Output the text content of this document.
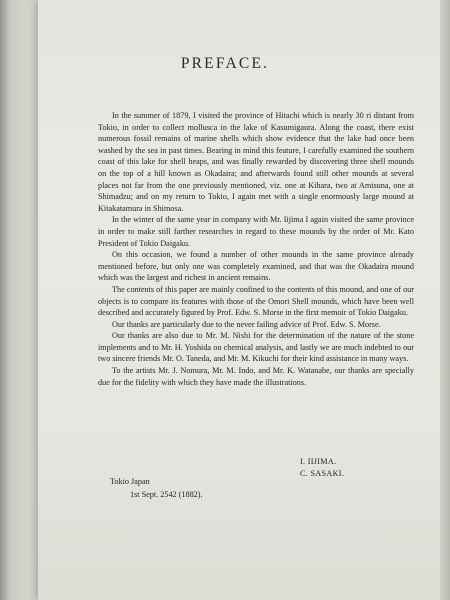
PREFACE.

In the summer of 1879, I visited the province of Hitachi which is nearly 30 ri distant from Tokio, in order to collect mollusca in the lake of Kasumigaura. Along the coast, there exist numerous fossil remains of marine shells which show evidence that the lake had once been washed by the sea in past times. Bearing in mind this feature, I carefully examined the southern coast of this lake for shell heaps, and was finally rewarded by discovering three shell mounds on the top of a hill known as Okadaira; and afterwards found still other mounds at several places not far from the one previously mentioned, viz. one at Kihara, two at Amisuna, one at Shimadzu; and on my return to Tokio, I again met with a single enormously large mound at Kitakatamura in Shimosa.

In the winter of the same year in company with Mr. Iijima I again visited the same province in order to make still farther researches in regard to these mounds by the order of Mr. Kato President of Tokio Daigaku.

On this occasion, we found a number of other mounds in the same province already mentioned before, but only one was completely examined, and that was the Okadaira mound which was the largest and richest in ancient remains.

The contents of this paper are mainly confined to the contents of this mound, and one of our objects is to compare its features with those of the Omori Shell mounds, which have been well described and accurately figured by Prof. Edw. S. Morse in the first memoir of Tokio Daigaku.

Our thanks are particularly due to the never failing advice of Prof. Edw. S. Morse.

Our thanks are also due to Mr. M. Nishi for the determination of the nature of the stone implements and to Mr. H. Yoshida on chemical analysis, and lastly we are much indebted to our two sincere friends Mr. O. Taneda, and Mr. M. Kikuchi for their kind assistance in many ways.

To the artists Mr. J. Nomura, Mr. M. Indo, and Mr. K. Watanabe, our thanks are specially due for the fidelity with which they have made the illustrations.

I. IIJIMA.
C. SASAKI.
Tokio Japan
1st Sept. 2542 (1882).
